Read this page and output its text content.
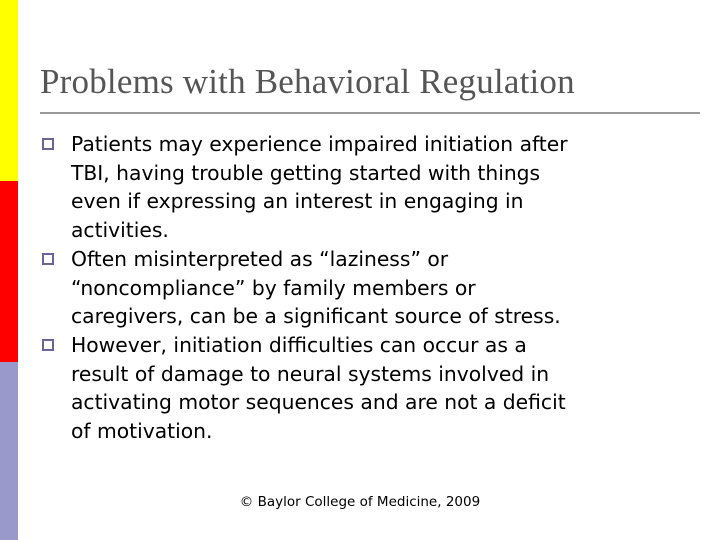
Problems with Behavioral Regulation
Patients may experience impaired initiation after
TBI, having trouble getting started with things
even if expressing an interest in engaging in
activities.
Often misinterpreted as “laziness” or
“noncompliance” by family members or
caregivers, can be a significant source of stress.
However, initiation difficulties can occur as a
result of damage to neural systems involved in
activating motor sequences and are not a deficit
of motivation.
© Baylor College of Medicine, 2009
